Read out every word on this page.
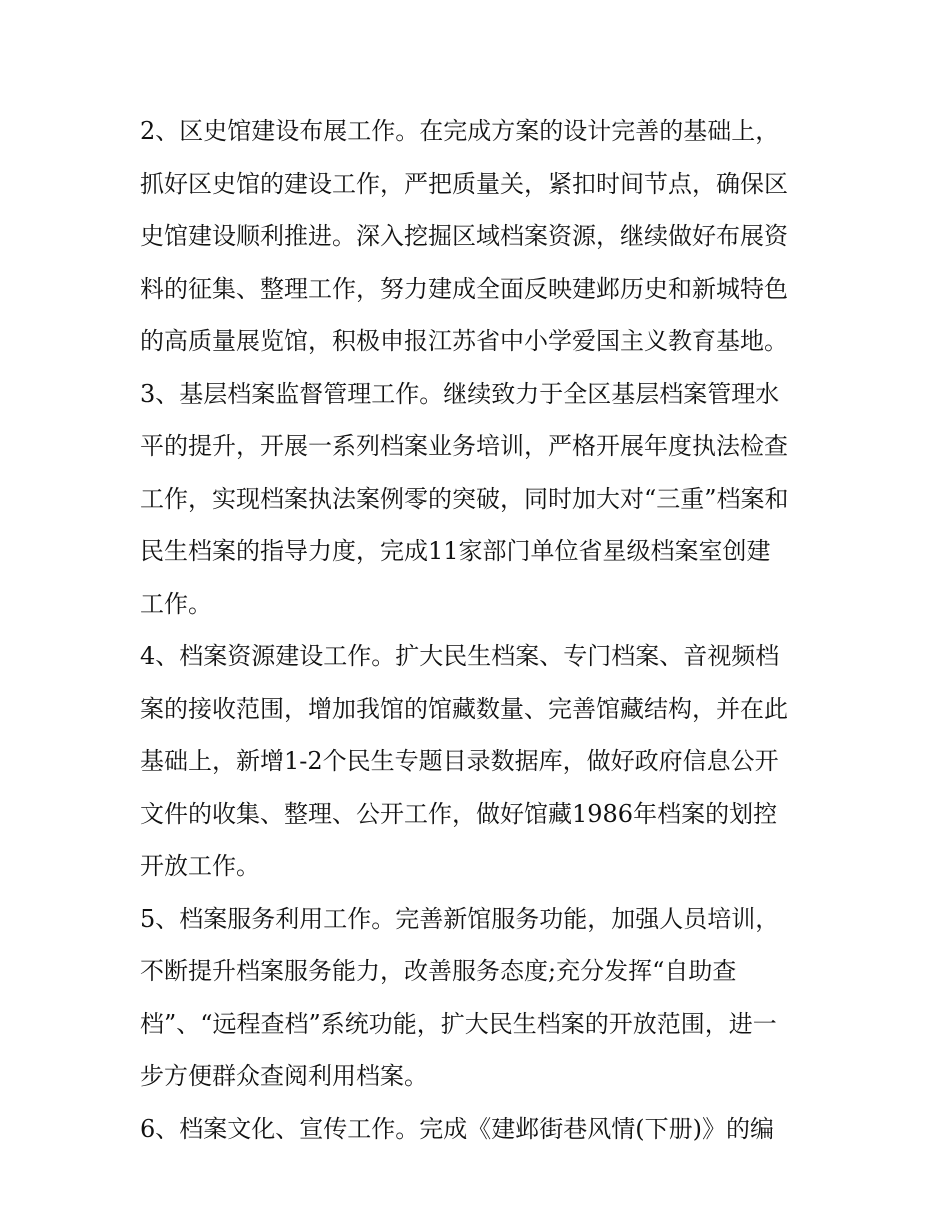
2、区史馆建设布展工作。在完成方案的设计完善的基础上，
抓好区史馆的建设工作，严把质量关，紧扣时间节点，确保区
史馆建设顺利推进。深入挖掘区域档案资源，继续做好布展资
料的征集、整理工作，努力建成全面反映建邺历史和新城特色
的高质量展览馆，积极申报江苏省中小学爱国主义教育基地。
3、基层档案监督管理工作。继续致力于全区基层档案管理水
平的提升，开展一系列档案业务培训，严格开展年度执法检查
工作，实现档案执法案例零的突破，同时加大对“三重”档案和
民生档案的指导力度，完成11家部门单位省星级档案室创建
工作。
4、档案资源建设工作。扩大民生档案、专门档案、音视频档
案的接收范围，增加我馆的馆藏数量、完善馆藏结构，并在此
基础上，新增1-2个民生专题目录数据库，做好政府信息公开
文件的收集、整理、公开工作，做好馆藏1986年档案的划控
开放工作。
5、档案服务利用工作。完善新馆服务功能，加强人员培训，
不断提升档案服务能力，改善服务态度;充分发挥“自助查
档”、“远程查档”系统功能，扩大民生档案的开放范围，进一
步方便群众查阅利用档案。
6、档案文化、宣传工作。完成《建邺街巷风情(下册)》的编
